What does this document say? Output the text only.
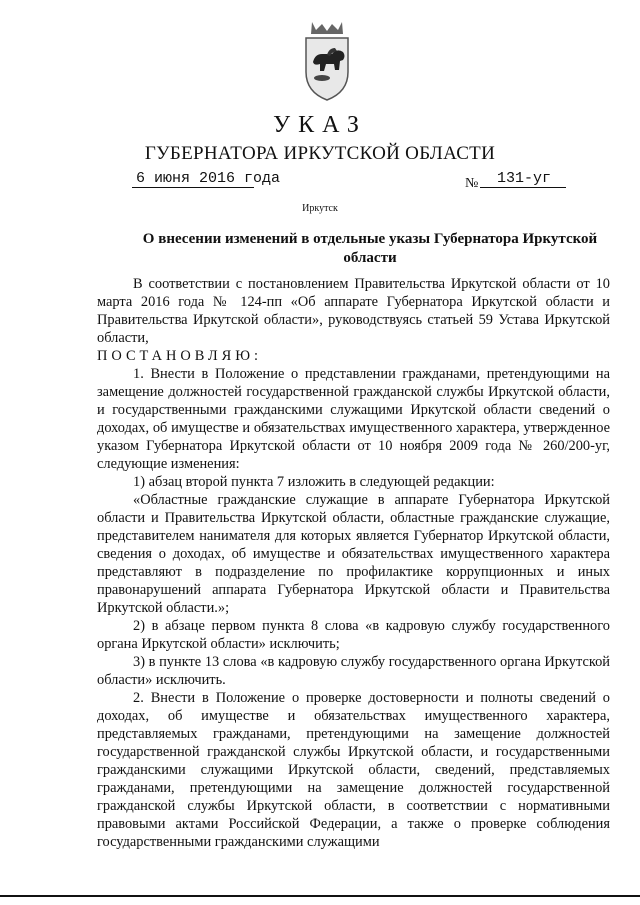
УКАЗ
ГУБЕРНАТОРА ИРКУТСКОЙ ОБЛАСТИ
6 июня 2016 года	№ 131-уг
Иркутск
О внесении изменений в отдельные указы Губернатора Иркутской области

В соответствии с постановлением Правительства Иркутской области от 10 марта 2016 года № 124-пп «Об аппарате Губернатора Иркутской области и Правительства Иркутской области», руководствуясь статьей 59 Устава Иркутской области,

ПОСТАНОВЛЯЮ:

1. Внести в Положение о представлении гражданами, претендующими на замещение должностей государственной гражданской службы Иркутской области, и государственными гражданскими служащими Иркутской области сведений о доходах, об имуществе и обязательствах имущественного характера, утвержденное указом Губернатора Иркутской области от 10 ноября 2009 года № 260/200-уг, следующие изменения:

1) абзац второй пункта 7 изложить в следующей редакции:

«Областные гражданские служащие в аппарате Губернатора Иркутской области и Правительства Иркутской области, областные гражданские служащие, представителем нанимателя для которых является Губернатор Иркутской области, сведения о доходах, об имуществе и обязательствах имущественного характера представляют в подразделение по профилактике коррупционных и иных правонарушений аппарата Губернатора Иркутской области и Правительства Иркутской области.»;

2) в абзаце первом пункта 8 слова «в кадровую службу государственного органа Иркутской области» исключить;

3) в пункте 13 слова «в кадровую службу государственного органа Иркутской области» исключить.

2. Внести в Положение о проверке достоверности и полноты сведений о доходах, об имуществе и обязательствах имущественного характера, представляемых гражданами, претендующими на замещение должностей государственной гражданской службы Иркутской области, и государственными гражданскими служащими Иркутской области, сведений, представляемых гражданами, претендующими на замещение должностей государственной гражданской службы Иркутской области, в соответствии с нормативными правовыми актами Российской Федерации, а также о проверке соблюдения государственными гражданскими служащими
